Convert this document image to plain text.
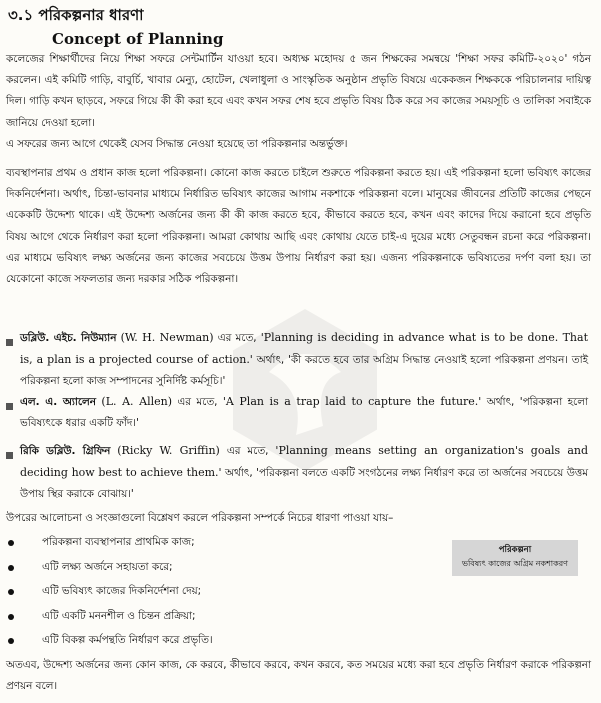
৩.১ পরিকল্পনার ধারণা
Concept of Planning

কলেজের শিক্ষার্থীদের নিয়ে শিক্ষা সফরে সেন্টমার্টিন যাওয়া হবে। অধ্যক্ষ মহোদয় ৫ জন শিক্ষকের সমন্বয়ে 'শিক্ষা সফর কমিটি-২০২০' গঠন করলেন। এই কমিটি গাড়ি, বাবুর্চি, খাবার মেন্যু, হোটেল, খেলাধুলা ও সাংস্কৃতিক অনুষ্ঠান প্রভৃতি বিষয়ে একেকজন শিক্ষককে পরিচালনার দায়িত্ব দিল। গাড়ি কখন ছাড়বে, সফরে গিয়ে কী কী করা হবে এবং কখন সফর শেষ হবে প্রভৃতি বিষয় ঠিক করে সব কাজের সময়সূচি ও তালিকা সবাইকে জানিয়ে দেওয়া হলো।

এ সফরের জন্য আগে থেকেই যেসব সিদ্ধান্ত নেওয়া হয়েছে তা পরিকল্পনার অন্তর্ভুক্ত।

ব্যবস্থাপনার প্রথম ও প্রধান কাজ হলো পরিকল্পনা। কোনো কাজ করতে চাইলে শুরুতে পরিকল্পনা করতে হয়। এই পরিকল্পনা হলো ভবিষ্যৎ কাজের দিকনির্দেশনা। অর্থাৎ, চিন্তা-ভাবনার মাধ্যমে নির্ধারিত ভবিষ্যৎ কাজের আগাম নকশাকে পরিকল্পনা বলে। মানুষের জীবনের প্রতিটি কাজের পেছনে একেকটি উদ্দেশ্য থাকে। এই উদ্দেশ্য অর্জনের জন্য কী কী কাজ করতে হবে, কীভাবে করতে হবে, কখন এবং কাদের দিয়ে করানো হবে প্রভৃতি বিষয় আগে থেকে নির্ধারণ করা হলো পরিকল্পনা। আমরা কোথায় আছি এবং কোথায় যেতে চাই-এ দুয়ের মধ্যে সেতুবন্ধন রচনা করে পরিকল্পনা। এর মাধ্যমে ভবিষ্যৎ লক্ষ্য অর্জনের জন্য কাজের সবচেয়ে উত্তম উপায় নির্ধারণ করা হয়। এজন্য পরিকল্পনাকে ভবিষ্যতের দর্পণ বলা হয়। তা যেকোনো কাজে সফলতার জন্য দরকার সঠিক পরিকল্পনা।

ডব্লিউ. এইচ. নিউম্যান (W. H. Newman) এর মতে, 'Planning is deciding in advance what is to be done. That is, a plan is a projected course of action.' অর্থাৎ, 'কী করতে হবে তার অগ্রিম সিদ্ধান্ত নেওয়াই হলো পরিকল্পনা প্রণয়ন। তাই পরিকল্পনা হলো কাজ সম্পাদনের সুনির্দিষ্ট কর্মসূচি।'

এল. এ. অ্যালেন (L. A. Allen) এর মতে, 'A Plan is a trap laid to capture the future.' অর্থাৎ, 'পরিকল্পনা হলো ভবিষ্যৎকে ধরার একটি ফাঁদ।'

রিকি ডব্লিউ. গ্রিফিন (Ricky W. Griffin) এর মতে, 'Planning means setting an organization's goals and deciding how best to achieve them.' অর্থাৎ, 'পরিকল্পনা বলতে একটি সংগঠনের লক্ষ্য নির্ধারণ করে তা অর্জনের সবচেয়ে উত্তম উপায় স্থির করাকে বোঝায়।'

উপরের আলোচনা ও সংজ্ঞাগুলো বিশ্লেষণ করলে পরিকল্পনা সম্পর্কে নিচের ধারণা পাওয়া যায়–

পরিকল্পনা ব্যবস্থাপনার প্রাথমিক কাজ;
এটি লক্ষ্য অর্জনে সহায়তা করে;
এটি ভবিষ্যৎ কাজের দিকনির্দেশনা দেয়;
এটি একটি মননশীল ও চিন্তন প্রক্রিয়া;
এটি বিকল্প কর্মপন্থতি নির্ধারণ করে প্রভৃতি।
পরিকল্পনা
ভবিষ্যৎ কাজের অগ্রিম নকশাকরণ

অতএব, উদ্দেশ্য অর্জনের জন্য কোন কাজ, কে করবে, কীভাবে করবে, কখন করবে, কত সময়ের মধ্যে করা হবে প্রভৃতি নির্ধারণ করাকে পরিকল্পনা প্রণয়ন বলে।
